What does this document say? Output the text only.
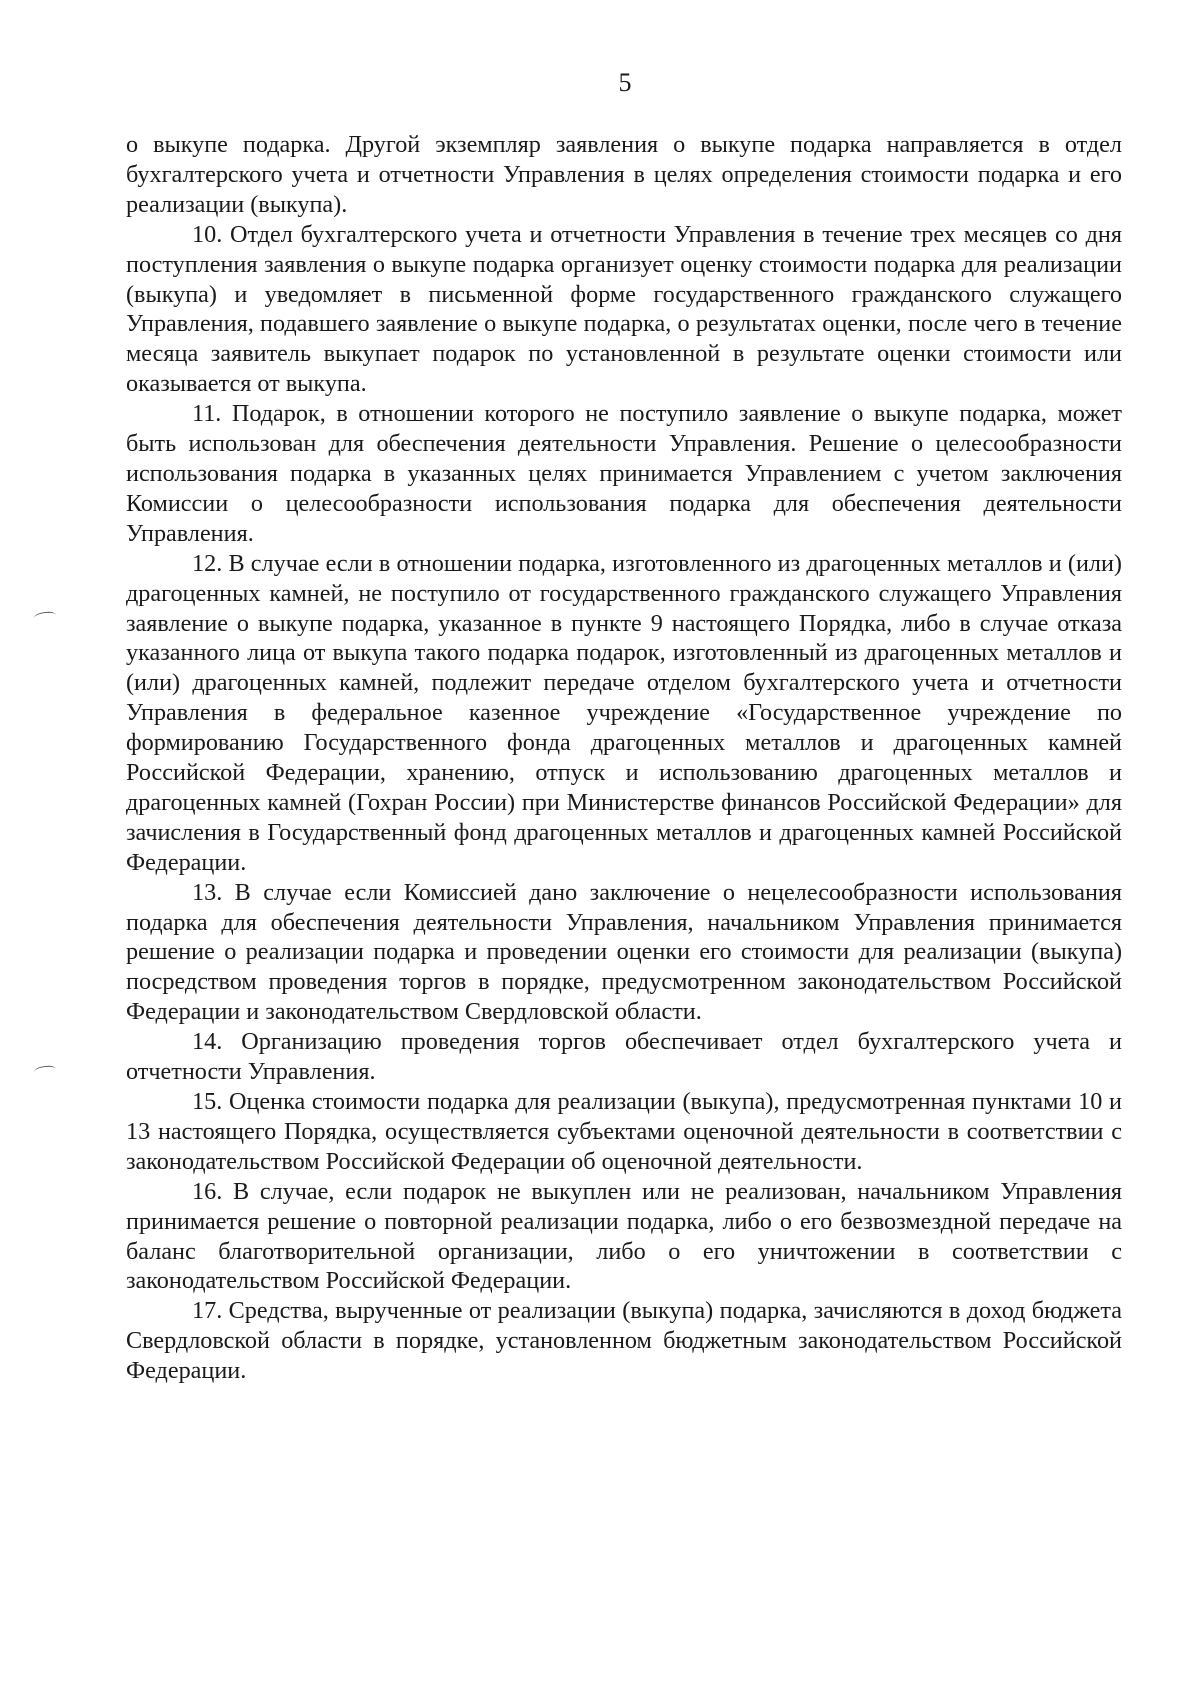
5

о выкупе подарка. Другой экземпляр заявления о выкупе подарка направляется в отдел бухгалтерского учета и отчетности Управления в целях определения стоимости подарка и его реализации (выкупа).

10. Отдел бухгалтерского учета и отчетности Управления в течение трех месяцев со дня поступления заявления о выкупе подарка организует оценку стоимости подарка для реализации (выкупа) и уведомляет в письменной форме государственного гражданского служащего Управления, подавшего заявление о выкупе подарка, о результатах оценки, после чего в течение месяца заявитель выкупает подарок по установленной в результате оценки стоимости или оказывается от выкупа.

11. Подарок, в отношении которого не поступило заявление о выкупе подарка, может быть использован для обеспечения деятельности Управления. Решение о целесообразности использования подарка в указанных целях принимается Управлением с учетом заключения Комиссии о целесообразности использования подарка для обеспечения деятельности Управления.

12. В случае если в отношении подарка, изготовленного из драгоценных металлов и (или) драгоценных камней, не поступило от государственного гражданского служащего Управления заявление о выкупе подарка, указанное в пункте 9 настоящего Порядка, либо в случае отказа указанного лица от выкупа такого подарка подарок, изготовленный из драгоценных металлов и (или) драгоценных камней, подлежит передаче отделом бухгалтерского учета и отчетности Управления в федеральное казенное учреждение «Государственное учреждение по формированию Государственного фонда драгоценных металлов и драгоценных камней Российской Федерации, хранению, отпуск и использованию драгоценных металлов и драгоценных камней (Гохран России) при Министерстве финансов Российской Федерации» для зачисления в Государственный фонд драгоценных металлов и драгоценных камней Российской Федерации.

13. В случае если Комиссией дано заключение о нецелесообразности использования подарка для обеспечения деятельности Управления, начальником Управления принимается решение о реализации подарка и проведении оценки его стоимости для реализации (выкупа) посредством проведения торгов в порядке, предусмотренном законодательством Российской Федерации и законодательством Свердловской области.

14. Организацию проведения торгов обеспечивает отдел бухгалтерского учета и отчетности Управления.

15. Оценка стоимости подарка для реализации (выкупа), предусмотренная пунктами 10 и 13 настоящего Порядка, осуществляется субъектами оценочной деятельности в соответствии с законодательством Российской Федерации об оценочной деятельности.

16. В случае, если подарок не выкуплен или не реализован, начальником Управления принимается решение о повторной реализации подарка, либо о его безвозмездной передаче на баланс благотворительной организации, либо о его уничтожении в соответствии с законодательством Российской Федерации.

17. Средства, вырученные от реализации (выкупа) подарка, зачисляются в доход бюджета Свердловской области в порядке, установленном бюджетным законодательством Российской Федерации.
